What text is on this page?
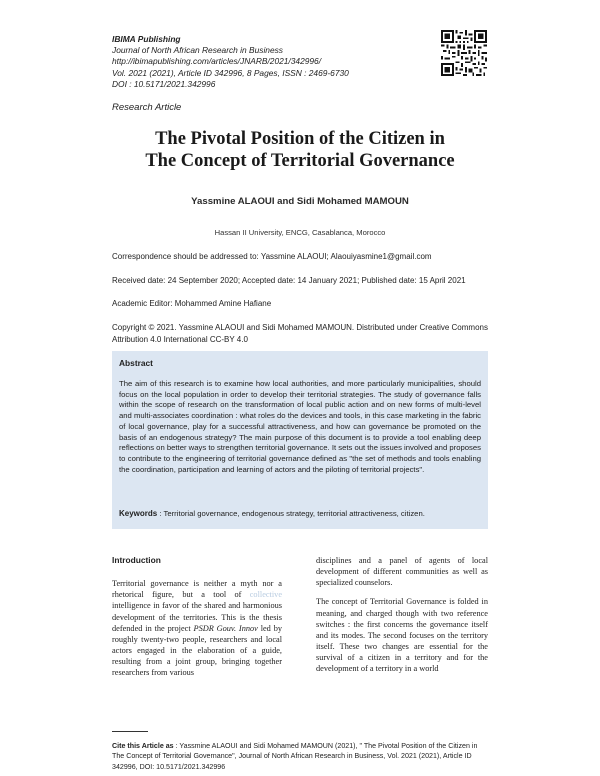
IBIMA Publishing
Journal of North African Research in Business
http://ibimapublishing.com/articles/JNARB/2021/342996/
Vol. 2021 (2021), Article ID 342996, 8 Pages, ISSN : 2469-6730
DOI : 10.5171/2021.342996
Research Article
The Pivotal Position of the Citizen in
The Concept of Territorial Governance
Yassmine ALAOUI and Sidi Mohamed MAMOUN
Hassan II University, ENCG, Casablanca, Morocco
Correspondence should be addressed to: Yassmine ALAOUI; Alaouiyasmine1@gmail.com
Received date: 24 September 2020; Accepted date: 14 January 2021; Published date: 15 April 2021
Academic Editor: Mohammed Amine Hafiane
Copyright © 2021. Yassmine ALAOUI and Sidi Mohamed MAMOUN. Distributed under Creative Commons Attribution 4.0 International CC-BY 4.0
Abstract
The aim of this research is to examine how local authorities, and more particularly municipalities, should focus on the local population in order to develop their territorial strategies. The study of governance falls within the scope of research on the transformation of local public action and on new forms of multi-level and multi-associates coordination : what roles do the devices and tools, in this case marketing in the fabric of local governance, play for a successful attractiveness, and how can governance be promoted on the basis of an endogenous strategy? The main purpose of this document is to provide a tool enabling deep reflections on better ways to strengthen territorial governance. It sets out the issues involved and proposes to contribute to the engineering of territorial governance defined as "the set of methods and tools enabling the coordination, participation and learning of actors and the piloting of territorial projects".
Keywords : Territorial governance, endogenous strategy, territorial attractiveness, citizen.
Introduction
Territorial governance is neither a myth nor a rhetorical figure, but a tool of collective intelligence in favor of the shared and harmonious development of the territories. This is the thesis defended in the project PSDR Gouv. Innov led by roughly twenty-two people, researchers and local actors engaged in the elaboration of a guide, resulting from a joint group, bringing together researchers from various
disciplines and a panel of agents of local development of different communities as well as specialized counselors.
The concept of Territorial Governance is folded in meaning, and charged though with two reference switches : the first concerns the governance itself and its modes. The second focuses on the territory itself. These two changes are essential for the survival of a citizen in a territory and for the development of a territory in a world
Cite this Article as : Yassmine ALAOUI and Sidi Mohamed MAMOUN (2021), " The Pivotal Position of the Citizen in The Concept of Territorial Governance", Journal of North African Research in Business, Vol. 2021 (2021), Article ID 342996, DOI: 10.5171/2021.342996
